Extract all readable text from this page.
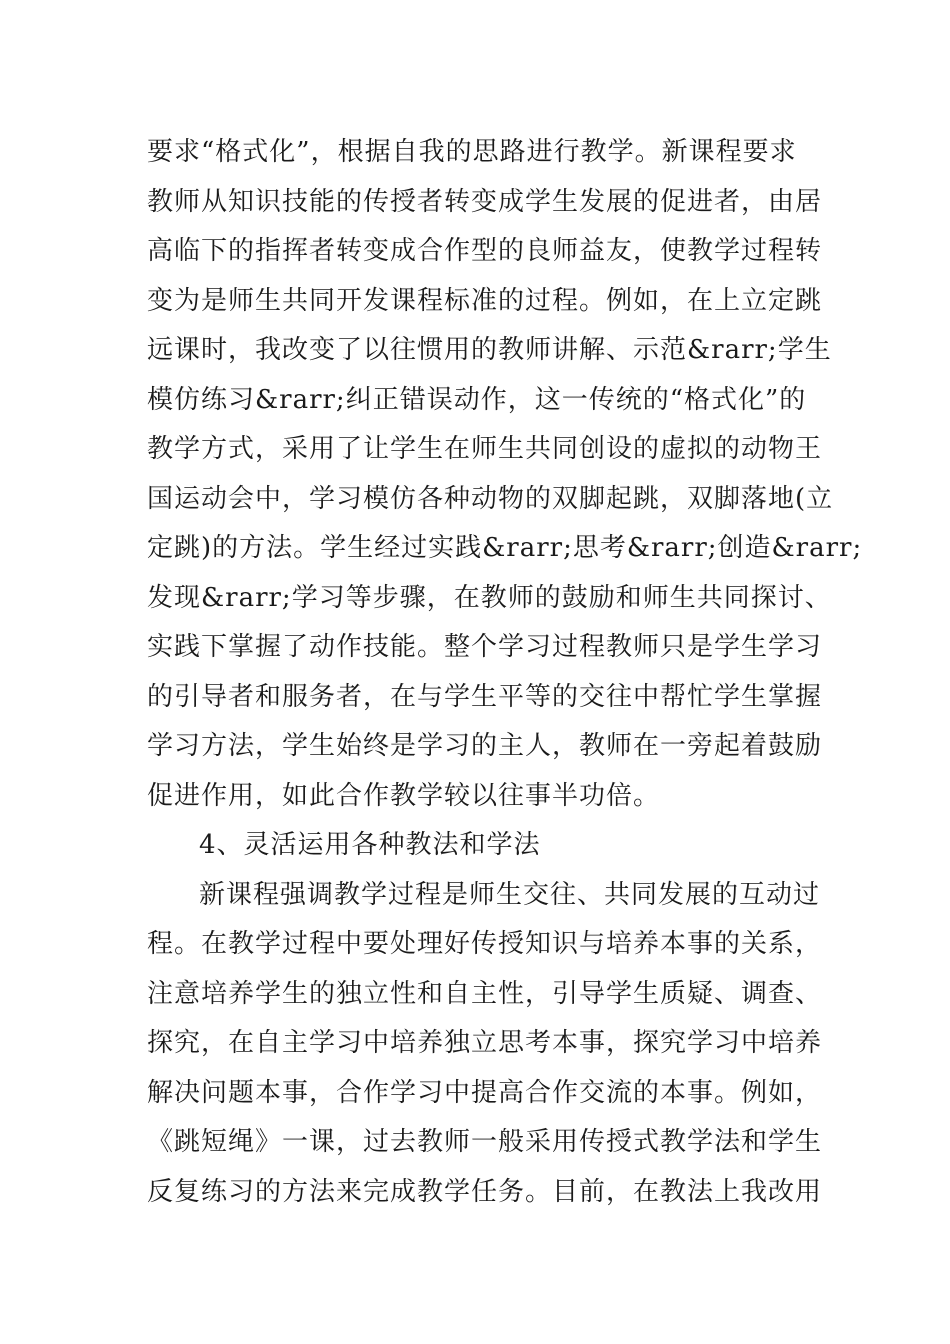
要求“格式化”，根据自我的思路进行教学。新课程要求
教师从知识技能的传授者转变成学生发展的促进者，由居
高临下的指挥者转变成合作型的良师益友，使教学过程转
变为是师生共同开发课程标准的过程。例如，在上立定跳
远课时，我改变了以往惯用的教师讲解、示范&rarr;学生
模仿练习&rarr;纠正错误动作，这一传统的“格式化”的
教学方式，采用了让学生在师生共同创设的虚拟的动物王
国运动会中，学习模仿各种动物的双脚起跳，双脚落地(立
定跳)的方法。学生经过实践&rarr;思考&rarr;创造&rarr;
发现&rarr;学习等步骤，在教师的鼓励和师生共同探讨、
实践下掌握了动作技能。整个学习过程教师只是学生学习
的引导者和服务者，在与学生平等的交往中帮忙学生掌握
学习方法，学生始终是学习的主人，教师在一旁起着鼓励
促进作用，如此合作教学较以往事半功倍。
4、灵活运用各种教法和学法
新课程强调教学过程是师生交往、共同发展的互动过
程。在教学过程中要处理好传授知识与培养本事的关系，
注意培养学生的独立性和自主性，引导学生质疑、调查、
探究，在自主学习中培养独立思考本事，探究学习中培养
解决问题本事，合作学习中提高合作交流的本事。例如，
《跳短绳》一课，过去教师一般采用传授式教学法和学生
反复练习的方法来完成教学任务。目前，在教法上我改用
